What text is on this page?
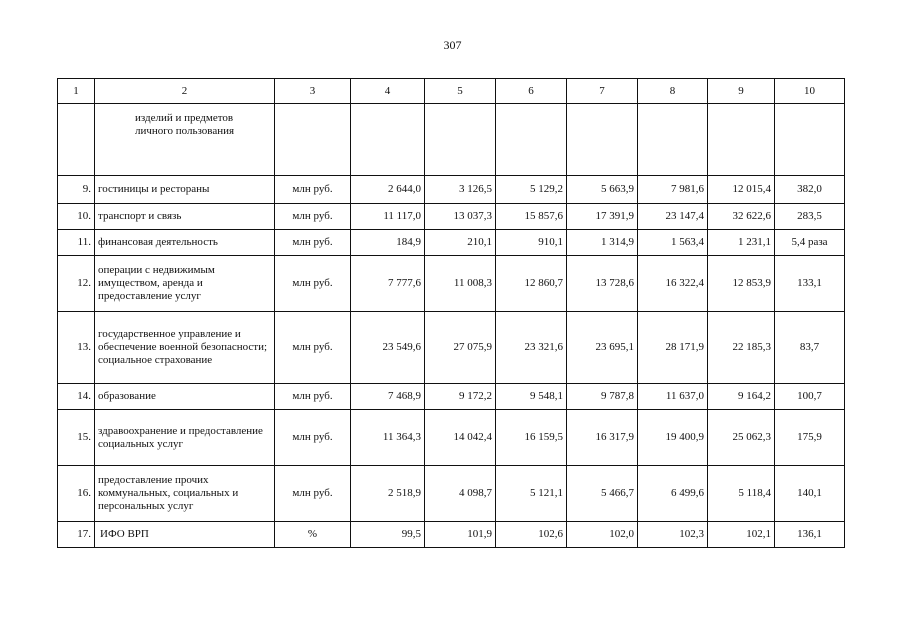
307
1	2	3	4	5	6	7	8	9	10
	изделий и предметов личного пользования								
9.	гостиницы и рестораны	млн руб.	2 644,0	3 126,5	5 129,2	5 663,9	7 981,6	12 015,4	382,0
10.	транспорт и связь	млн руб.	11 117,0	13 037,3	15 857,6	17 391,9	23 147,4	32 622,6	283,5
11.	финансовая деятельность	млн руб.	184,9	210,1	910,1	1 314,9	1 563,4	1 231,1	5,4 раза
12.	операции с недвижимым имуществом, аренда и предоставление услуг	млн руб.	7 777,6	11 008,3	12 860,7	13 728,6	16 322,4	12 853,9	133,1
13.	государственное управление и обеспечение военной безопасности; социальное страхование	млн руб.	23 549,6	27 075,9	23 321,6	23 695,1	28 171,9	22 185,3	83,7
14.	образование	млн руб.	7 468,9	9 172,2	9 548,1	9 787,8	11 637,0	9 164,2	100,7
15.	здравоохранение и предоставление социальных услуг	млн руб.	11 364,3	14 042,4	16 159,5	16 317,9	19 400,9	25 062,3	175,9
16.	предоставление прочих коммунальных, социальных и персональных услуг	млн руб.	2 518,9	4 098,7	5 121,1	5 466,7	6 499,6	5 118,4	140,1
17.	ИФО ВРП	%	99,5	101,9	102,6	102,0	102,3	102,1	136,1
